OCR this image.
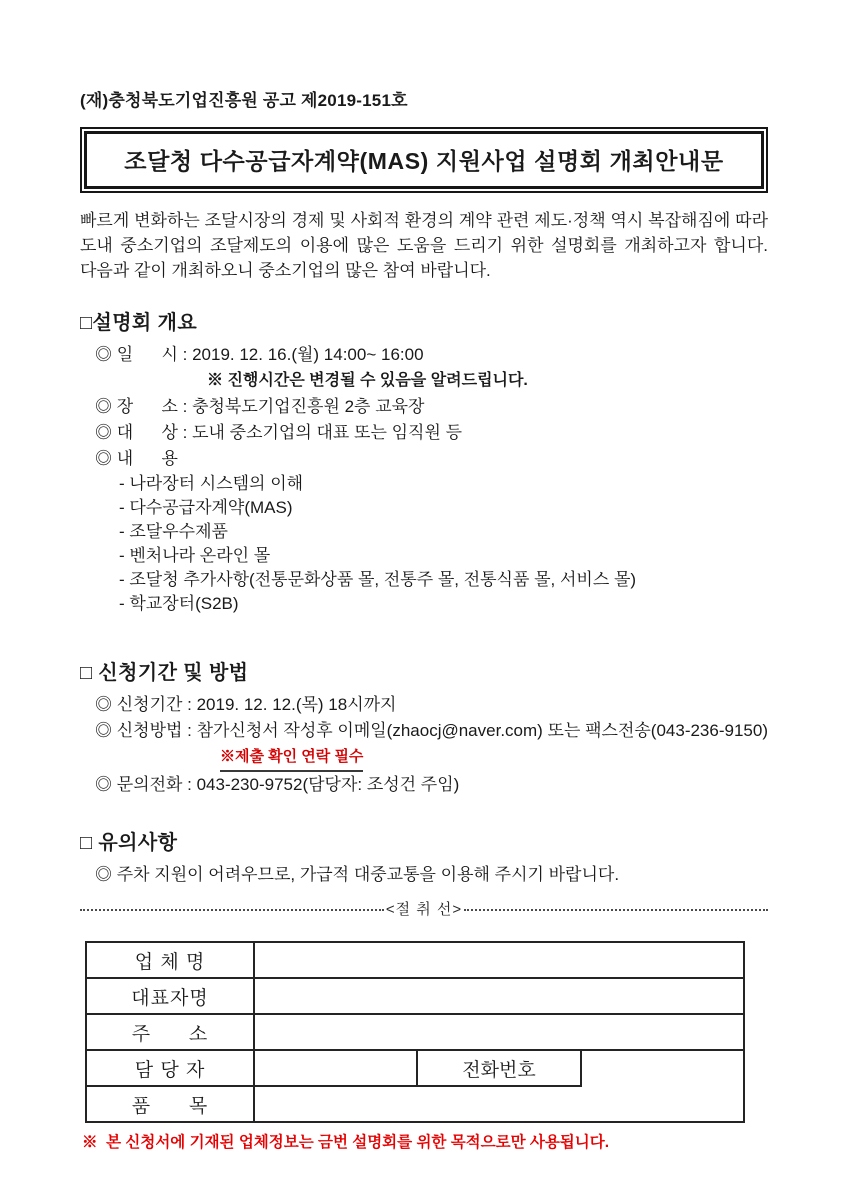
(재)충청북도기업진흥원 공고 제2019-151호
조달청 다수공급자계약(MAS) 지원사업 설명회 개최안내문
빠르게 변화하는 조달시장의 경제 및 사회적 환경의 계약 관련 제도·정책 역시 복잡해짐에 따라 도내 중소기업의 조달제도의 이용에 많은 도움을 드리기 위한 설명회를 개최하고자 합니다. 다음과 같이 개최하오니 중소기업의 많은 참여 바랍니다.
□설명회 개요
◎ 일      시 : 2019. 12. 16.(월) 14:00~ 16:00
※ 진행시간은 변경될 수 있음을 알려드립니다.
◎ 장      소 : 충청북도기업진흥원 2층 교육장
◎ 대      상 : 도내 중소기업의 대표 또는 임직원 등
◎ 내      용
- 나라장터 시스템의 이해
- 다수공급자계약(MAS)
- 조달우수제품
- 벤처나라 온라인 몰
- 조달청 추가사항(전통문화상품 몰, 전통주 몰, 전통식품 몰, 서비스 몰)
- 학교장터(S2B)
□ 신청기간 및 방법
◎ 신청기간 : 2019. 12. 12.(목) 18시까지
◎ 신청방법 : 참가신청서 작성후 이메일(zhaocj@naver.com) 또는 팩스전송(043-236-9150)
※제출 확인 연락 필수
◎ 문의전화 : 043-230-9752(담당자: 조성건 주임)
□ 유의사항
◎ 주차 지원이 어려우므로, 가급적 대중교통을 이용해 주시기 바랍니다.
<절 취 선>
업 체 명			
대표자명			
주      소			
담 당 자		전화번호	
품      목			
※  본 신청서에 기재된 업체정보는 금번 설명회를 위한 목적으로만 사용됩니다.
